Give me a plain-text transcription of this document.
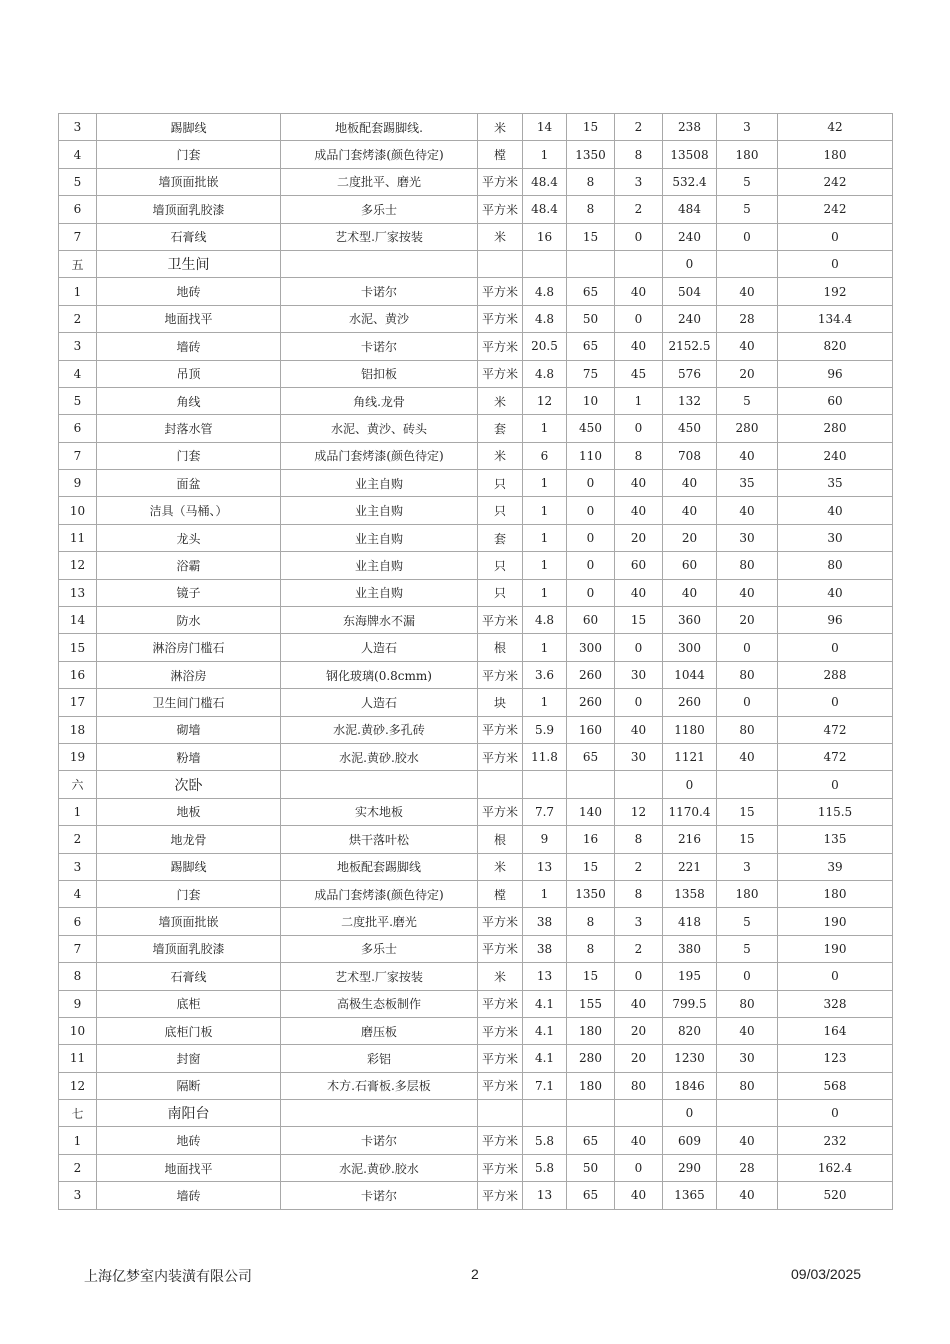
3	踢脚线	地板配套踢脚线.	米	14	15	2	238	3	42
4	门套	成品门套烤漆(颜色待定)	樘	1	1350	8	13508	180	180
5	墙顶面批嵌	二度批平、磨光	平方米	48.4	8	3	532.4	5	242
6	墙顶面乳胶漆	多乐士	平方米	48.4	8	2	484	5	242
7	石膏线	艺术型.厂家按装	米	16	15	0	240	0	0
五	卫生间						0		0
1	地砖	卡诺尔	平方米	4.8	65	40	504	40	192
2	地面找平	水泥、黄沙	平方米	4.8	50	0	240	28	134.4
3	墙砖	卡诺尔	平方米	20.5	65	40	2152.5	40	820
4	吊顶	铝扣板	平方米	4.8	75	45	576	20	96
5	角线	角线.龙骨	米	12	10	1	132	5	60
6	封落水管	水泥、黄沙、砖头	套	1	450	0	450	280	280
7	门套	成品门套烤漆(颜色待定)	米	6	110	8	708	40	240
9	面盆	业主自购	只	1	0	40	40	35	35
10	洁具（马桶、）	业主自购	只	1	0	40	40	40	40
11	龙头	业主自购	套	1	0	20	20	30	30
12	浴霸	业主自购	只	1	0	60	60	80	80
13	镜子	业主自购	只	1	0	40	40	40	40
14	防水	东海牌水不漏	平方米	4.8	60	15	360	20	96
15	淋浴房门槛石	人造石	根	1	300	0	300	0	0
16	淋浴房	钢化玻璃(0.8cmm)	平方米	3.6	260	30	1044	80	288
17	卫生间门槛石	人造石	块	1	260	0	260	0	0
18	砌墙	水泥.黄砂.多孔砖	平方米	5.9	160	40	1180	80	472
19	粉墙	水泥.黄砂.胶水	平方米	11.8	65	30	1121	40	472
六	次卧						0		0
1	地板	实木地板	平方米	7.7	140	12	1170.4	15	115.5
2	地龙骨	烘干落叶松	根	9	16	8	216	15	135
3	踢脚线	地板配套踢脚线	米	13	15	2	221	3	39
4	门套	成品门套烤漆(颜色待定)	樘	1	1350	8	1358	180	180
6	墙顶面批嵌	二度批平.磨光	平方米	38	8	3	418	5	190
7	墙顶面乳胶漆	多乐士	平方米	38	8	2	380	5	190
8	石膏线	艺术型.厂家按装	米	13	15	0	195	0	0
9	底柜	高极生态板制作	平方米	4.1	155	40	799.5	80	328
10	底柜门板	磨压板	平方米	4.1	180	20	820	40	164
11	封窗	彩铝	平方米	4.1	280	20	1230	30	123
12	隔断	木方.石膏板.多层板	平方米	7.1	180	80	1846	80	568
七	南阳台						0		0
1	地砖	卡诺尔	平方米	5.8	65	40	609	40	232
2	地面找平	水泥.黄砂.胶水	平方米	5.8	50	0	290	28	162.4
3	墙砖	卡诺尔	平方米	13	65	40	1365	40	520
上海亿梦室内装潢有限公司	2	09/03/2025
